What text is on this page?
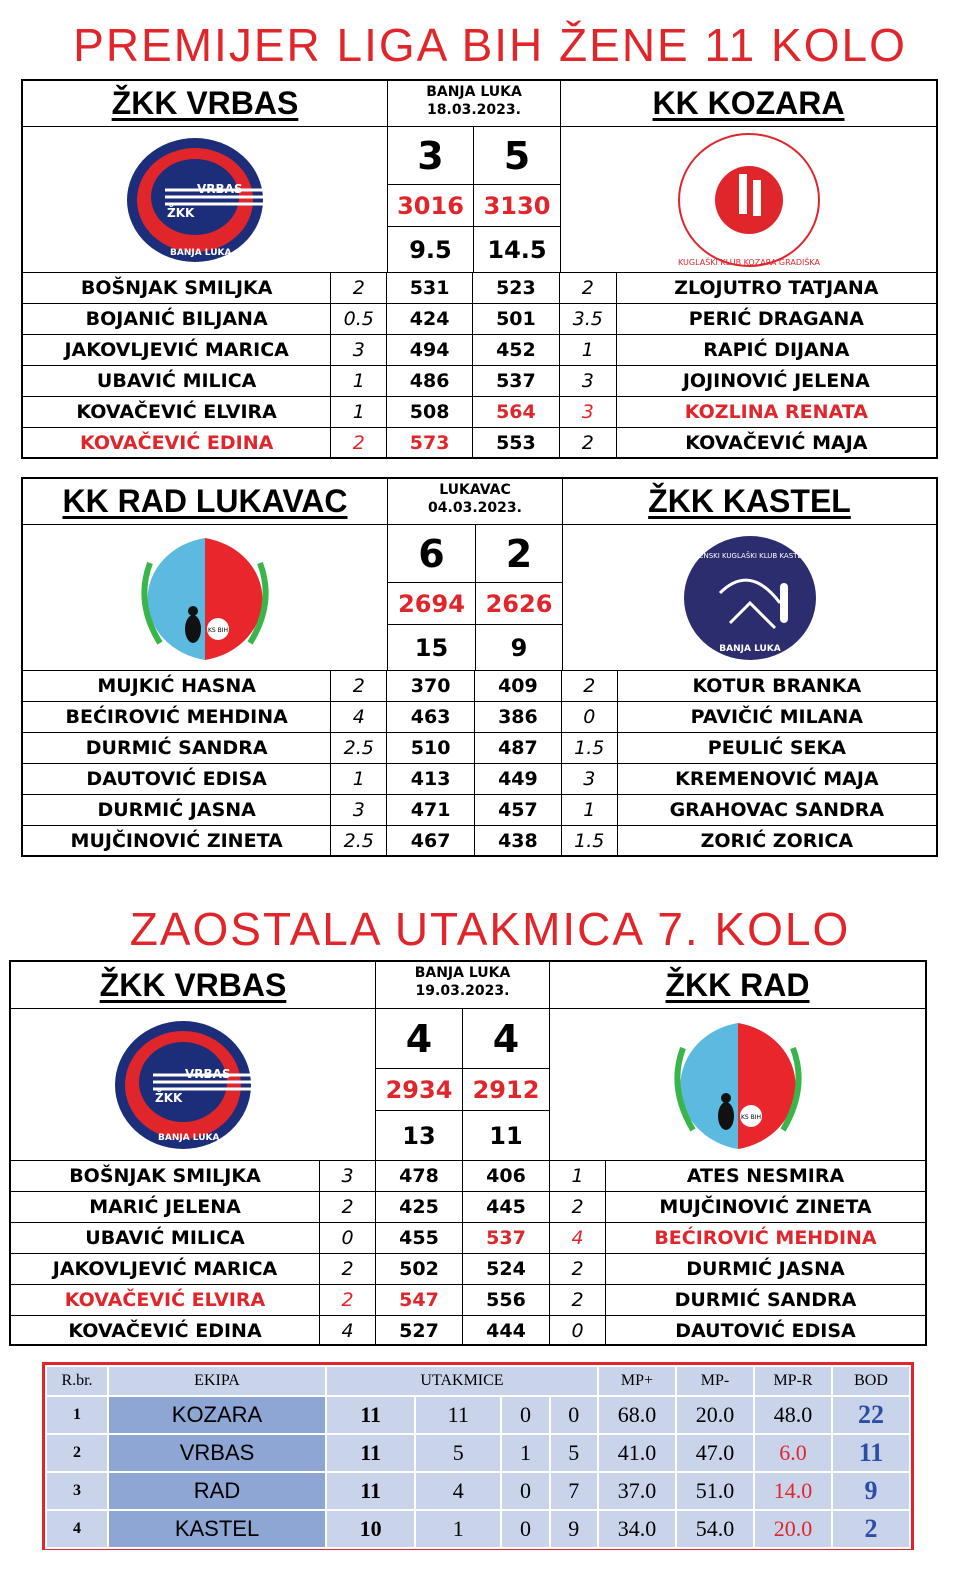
PREMIJER LIGA BIH ŽENE 11 KOLO
ŽKK VRBAS	BANJA LUKA
18.03.2023.	KK KOZARA
VRBAS
ŽKK
BANJA LUKA
3	5
3016 3130
9.5	14.5	KUGLAŠKI KLUB KOZARA GRADIŠKA
BOŠNJAK SMILJKA	2	531	523	2	ZLOJUTRO TATJANA
BOJANIĆ BILJANA	0.5	424	501	3.5	PERIĆ DRAGANA
JAKOVLJEVIĆ MARICA	3	494	452	1	RAPIĆ DIJANA
UBAVIĆ MILICA	1	486	537	3	JOJINOVIĆ JELENA
KOVAČEVIĆ ELVIRA	1	508	564	3	KOZLINA RENATA
KOVAČEVIĆ EDINA	2	573	553	2	KOVAČEVIĆ MAJA
KK RAD LUKAVAC	LUKAVAC
04.03.2023.	ŽKK KASTEL
KS BIH
6	2
2694 2626
15	9
ŽENSKI KUGLAŠKI KLUB KASTEL
BANJA LUKA
MUJKIĆ HASNA	2	370	409	2	KOTUR BRANKA
BEĆIROVIĆ MEHDINA	4	463	386	0	PAVIČIĆ MILANA
DURMIĆ SANDRA	2.5	510	487	1.5	PEULIĆ SEKA
DAUTOVIĆ EDISA	1	413	449	3	KREMENOVIĆ MAJA
DURMIĆ JASNA	3	471	457	1	GRAHOVAC SANDRA
MUJČINOVIĆ ZINETA	2.5	467	438	1.5	ZORIĆ ZORICA
ZAOSTALA UTAKMICA 7. KOLO
ŽKK VRBAS	BANJA LUKA
19.03.2023.	ŽKK RAD
VRBAS
ŽKK
BANJA LUKA
4	4
2934 2912
13	11
KS BIH
BOŠNJAK SMILJKA	3	478	406	1	ATES NESMIRA
MARIĆ JELENA	2	425	445	2	MUJČINOVIĆ ZINETA
UBAVIĆ MILICA	0	455	537	4	BEĆIROVIĆ MEHDINA
JAKOVLJEVIĆ MARICA	2	502	524	2	DURMIĆ JASNA
KOVAČEVIĆ ELVIRA	2	547	556	2	DURMIĆ SANDRA
KOVAČEVIĆ EDINA	4	527	444	0	DAUTOVIĆ EDISA
R.br.	EKIPA	UTAKMICE				MP+	MP-	MP-R	BOD
1	KOZARA	11	11	0	0	68.0	20.0	48.0	22
2	VRBAS	11	5	1	5	41.0	47.0	6.0	11
3	RAD	11	4	0	7	37.0	51.0	14.0	9
4	KASTEL	10	1	0	9	34.0	54.0	20.0	2
